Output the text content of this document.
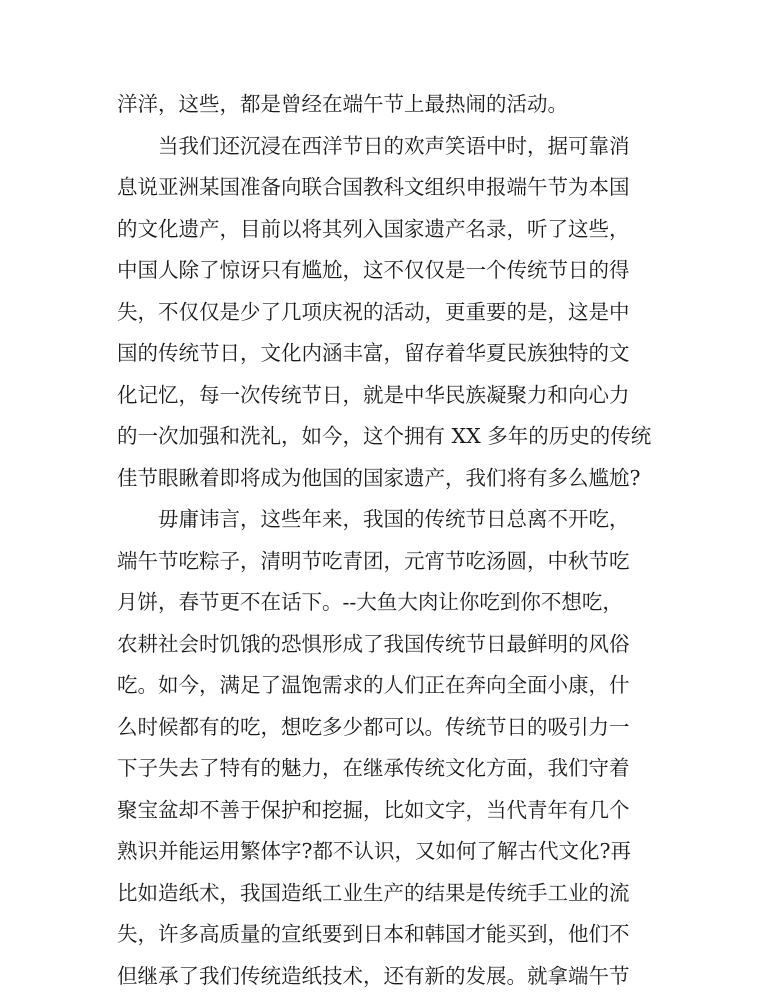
洋洋，这些，都是曾经在端午节上最热闹的活动。
当我们还沉浸在西洋节日的欢声笑语中时，据可靠消
息说亚洲某国准备向联合国教科文组织申报端午节为本国
的文化遗产，目前以将其列入国家遗产名录，听了这些，
中国人除了惊讶只有尴尬，这不仅仅是一个传统节日的得
失，不仅仅是少了几项庆祝的活动，更重要的是，这是中
国的传统节日，文化内涵丰富，留存着华夏民族独特的文
化记忆，每一次传统节日，就是中华民族凝聚力和向心力
的一次加强和洗礼，如今，这个拥有 XX 多年的历史的传统
佳节眼瞅着即将成为他国的国家遗产，我们将有多么尴尬?
毋庸讳言，这些年来，我国的传统节日总离不开吃，
端午节吃粽子，清明节吃青团，元宵节吃汤圆，中秋节吃
月饼，春节更不在话下。--大鱼大肉让你吃到你不想吃，
农耕社会时饥饿的恐惧形成了我国传统节日最鲜明的风俗
吃。如今，满足了温饱需求的人们正在奔向全面小康，什
么时候都有的吃，想吃多少都可以。传统节日的吸引力一
下子失去了特有的魅力，在继承传统文化方面，我们守着
聚宝盆却不善于保护和挖掘，比如文字，当代青年有几个
熟识并能运用繁体字?都不认识，又如何了解古代文化?再
比如造纸术，我国造纸工业生产的结果是传统手工业的流
失，许多高质量的宣纸要到日本和韩国才能买到，他们不
但继承了我们传统造纸技术，还有新的发展。就拿端午节
